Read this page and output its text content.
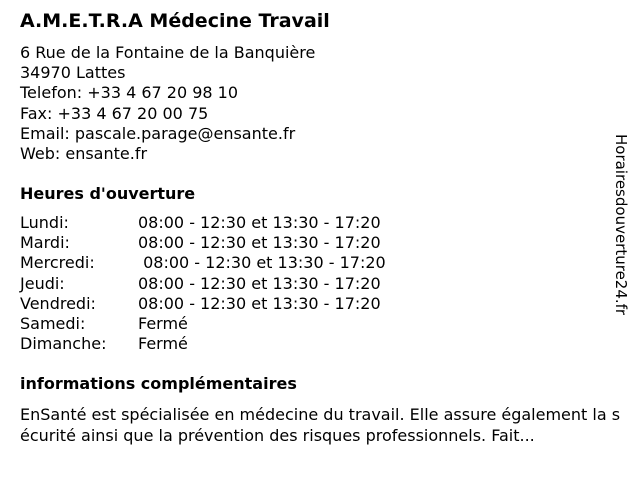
A.M.E.T.R.A Médecine Travail
6 Rue de la Fontaine de la Banquière
34970 Lattes
Telefon: +33 4 67 20 98 10
Fax: +33 4 67 20 00 75
Email: pascale.parage@ensante.fr
Web: ensante.fr
Heures d'ouverture
Lundi:	08:00 - 12:30 et 13:30 - 17:20
Mardi:	08:00 - 12:30 et 13:30 - 17:20
Mercredi:	08:00 - 12:30 et 13:30 - 17:20
Jeudi:	08:00 - 12:30 et 13:30 - 17:20
Vendredi:	08:00 - 12:30 et 13:30 - 17:20
Samedi:	Fermé
Dimanche:	Fermé
informations complémentaires
EnSanté est spécialisée en médecine du travail. Elle assure également la sécurité ainsi que la prévention des risques professionnels. Fait...
Horairesdouverture24.fr
